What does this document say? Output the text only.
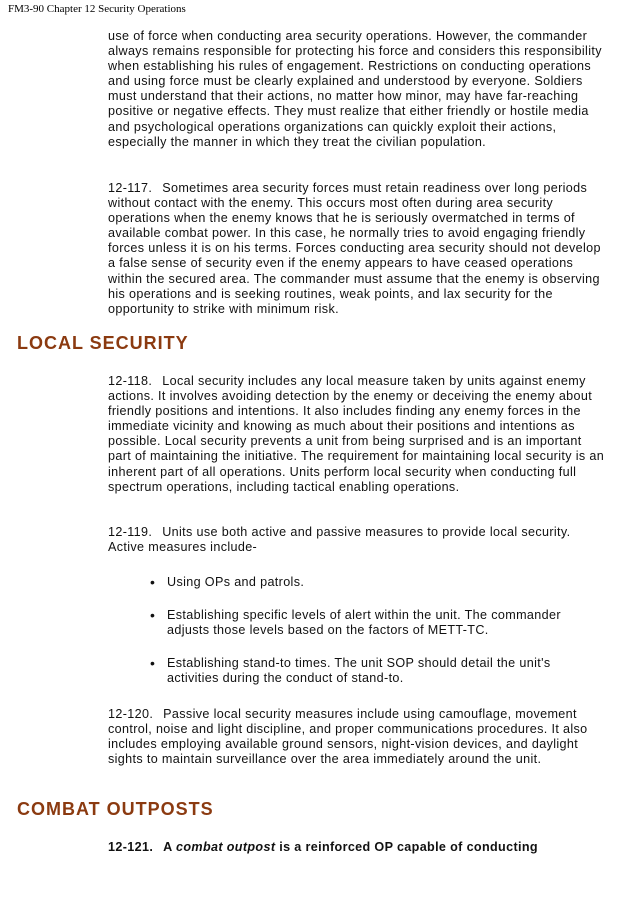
FM3-90 Chapter 12 Security Operations

use of force when conducting area security operations. However, the commander always remains responsible for protecting his force and considers this responsibility when establishing his rules of engagement. Restrictions on conducting operations and using force must be clearly explained and understood by everyone. Soldiers must understand that their actions, no matter how minor, may have far-reaching positive or negative effects. They must realize that either friendly or hostile media and psychological operations organizations can quickly exploit their actions, especially the manner in which they treat the civilian population.

12-117. Sometimes area security forces must retain readiness over long periods without contact with the enemy. This occurs most often during area security operations when the enemy knows that he is seriously overmatched in terms of available combat power. In this case, he normally tries to avoid engaging friendly forces unless it is on his terms. Forces conducting area security should not develop a false sense of security even if the enemy appears to have ceased operations within the secured area. The commander must assume that the enemy is observing his operations and is seeking routines, weak points, and lax security for the opportunity to strike with minimum risk.

LOCAL SECURITY

12-118. Local security includes any local measure taken by units against enemy actions. It involves avoiding detection by the enemy or deceiving the enemy about friendly positions and intentions. It also includes finding any enemy forces in the immediate vicinity and knowing as much about their positions and intentions as possible. Local security prevents a unit from being surprised and is an important part of maintaining the initiative. The requirement for maintaining local security is an inherent part of all operations. Units perform local security when conducting full spectrum operations, including tactical enabling operations.

12-119. Units use both active and passive measures to provide local security. Active measures include-

• Using OPs and patrols.
• Establishing specific levels of alert within the unit. The commander adjusts those levels based on the factors of METT-TC.
• Establishing stand-to times. The unit SOP should detail the unit's activities during the conduct of stand-to.

12-120. Passive local security measures include using camouflage, movement control, noise and light discipline, and proper communications procedures. It also includes employing available ground sensors, night-vision devices, and daylight sights to maintain surveillance over the area immediately around the unit.

COMBAT OUTPOSTS

12-121. A combat outpost is a reinforced OP capable of conducting
